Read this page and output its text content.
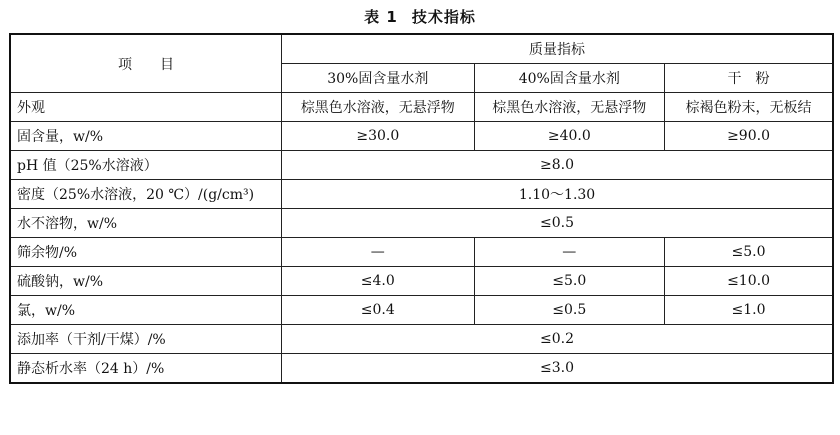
表 1 技术指标
项　　目	质量指标		
	30%固含量水剂	40%固含量水剂	干　粉
外观	棕黑色水溶液，无悬浮物	棕黑色水溶液，无悬浮物	棕褐色粉末，无板结
固含量，w/%	≥30.0	≥40.0	≥90.0
pH 值（25%水溶液）	≥8.0		
密度（25%水溶液，20 ℃）/(g/cm³)	1.10～1.30		
水不溶物，w/%	≤0.5		
筛余物/%	—	—	≤5.0
硫酸钠，w/%	≤4.0	≤5.0	≤10.0
氯，w/%	≤0.4	≤0.5	≤1.0
添加率（干剂/干煤）/%	≤0.2		
静态析水率（24 h）/%	≤3.0		
